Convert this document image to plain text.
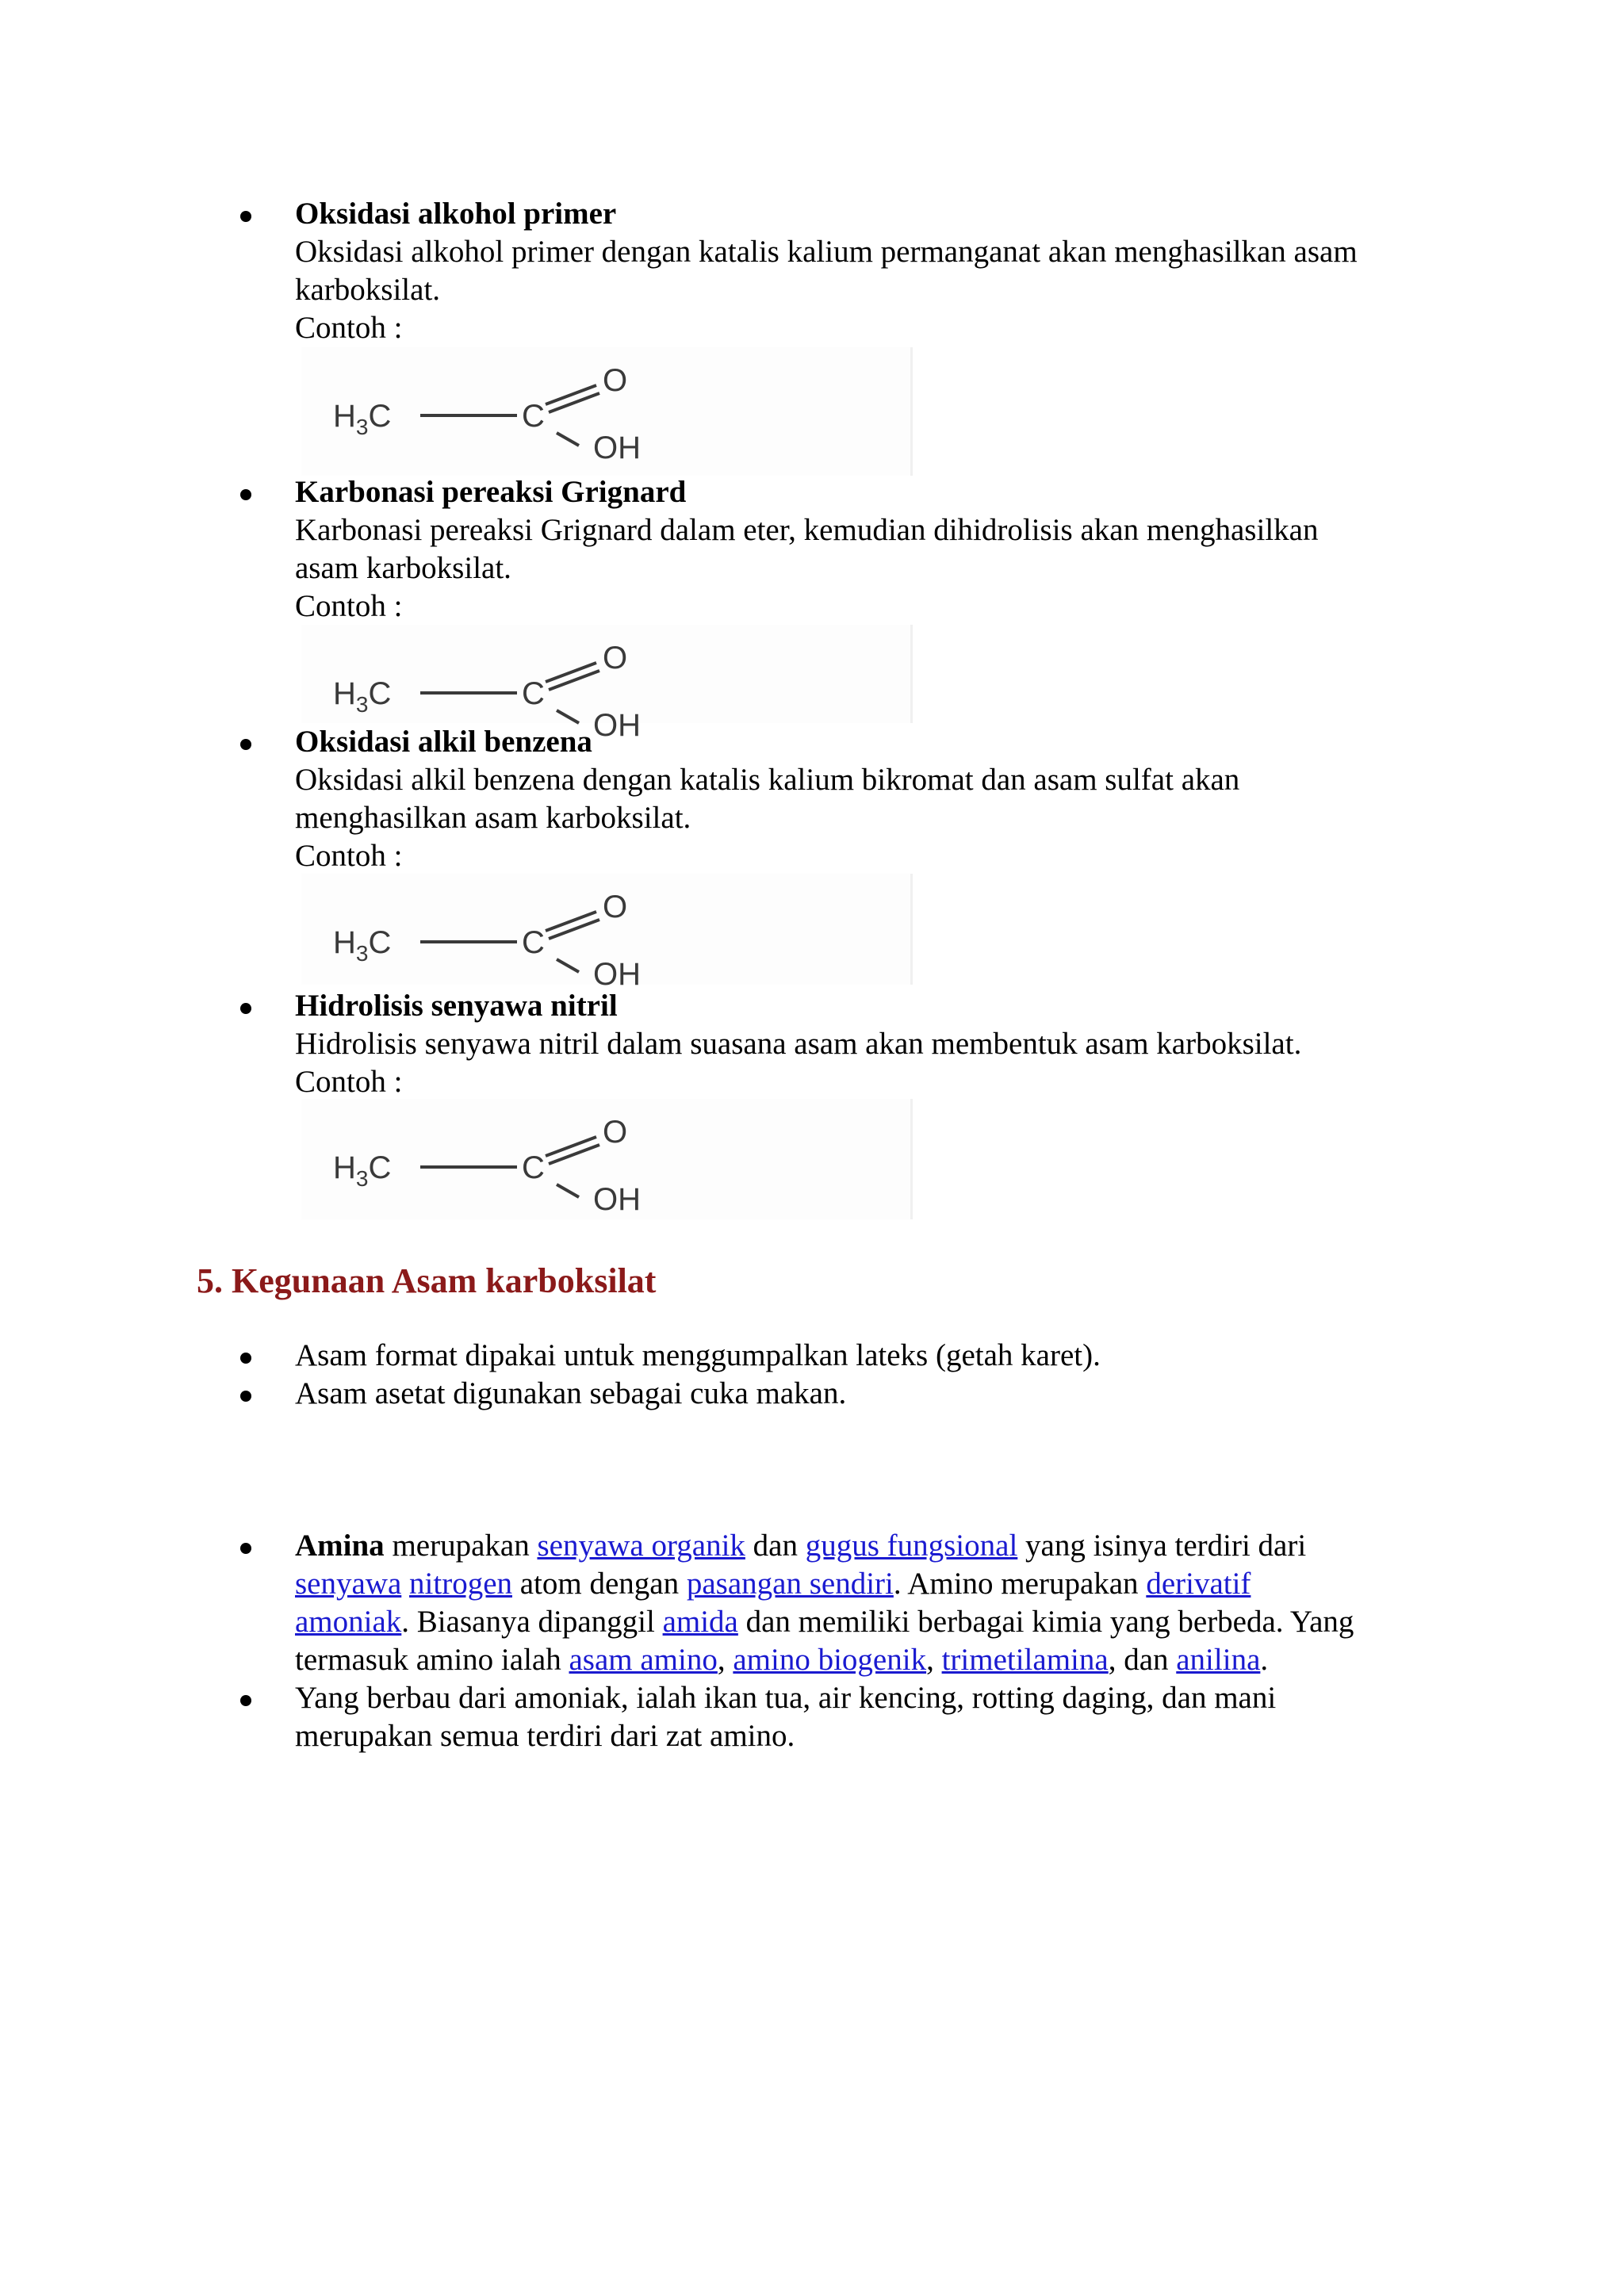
Oksidasi alkohol primer
Oksidasi alkohol primer dengan katalis kalium permanganat akan menghasilkan asam
karboksilat.
Contoh :
$H_3C$	C
O
OH
Karbonasi pereaksi Grignard
Karbonasi pereaksi Grignard dalam eter, kemudian dihidrolisis akan menghasilkan
asam karboksilat.
Contoh :
$H_3C$	C
O
OH
Oksidasi alkil benzena
Oksidasi alkil benzena dengan katalis kalium bikromat dan asam sulfat akan
menghasilkan asam karboksilat.
Contoh :
$H_3C$	C
O
OH
Hidrolisis senyawa nitril
Hidrolisis senyawa nitril dalam suasana asam akan membentuk asam karboksilat.
Contoh :
$H_3C$	C
O
OH
5. Kegunaan Asam karboksilat
Asam format dipakai untuk menggumpalkan lateks (getah karet).
Asam asetat digunakan sebagai cuka makan.
Amina merupakan senyawa organik dan gugus fungsional yang isinya terdiri dari
senyawa nitrogen atom dengan pasangan sendiri. Amino merupakan derivatif
amoniak. Biasanya dipanggil amida dan memiliki berbagai kimia yang berbeda. Yang
termasuk amino ialah asam amino, amino biogenik, trimetilamina, dan anilina.
Yang berbau dari amoniak, ialah ikan tua, air kencing, rotting daging, dan mani
merupakan semua terdiri dari zat amino.
